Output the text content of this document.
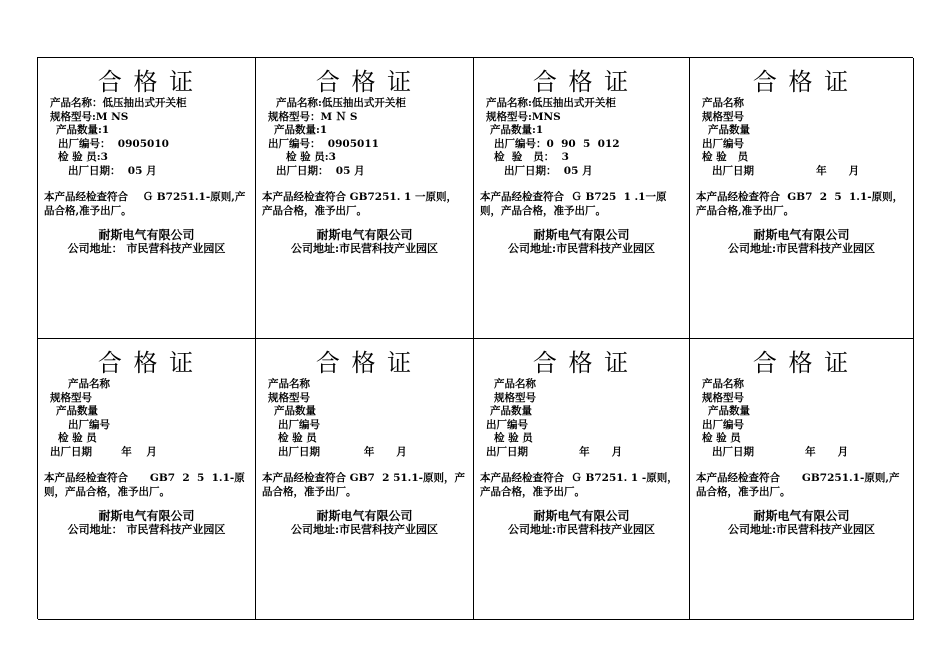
合 格 证
产品名称：低压抽出式开关柜
规格型号:M NS
产品数量:1
出厂编号：  0905010
检 验 员:3
出厂日期：  05 月
本产品经检查符合    Ｇ B7251.1-原则,产品合格,准予出厂。
耐斯电气有限公司
公司地址： 市民营科技产业园区
合 格 证
产品名称:低压抽出式开关柜
规格型号：M Ｎ S
产品数量:1
出厂编号：  0905011
检 验 员:3
出厂日期：  05 月
本产品经检查符合 GB7251. 1 一原则，产品合格，准予出厂。
耐斯电气有限公司
公司地址:市民营科技产业园区
合 格 证
产品名称:低压抽出式开关柜
规格型号:MNS
产品数量:1
出厂编号：0  90  5  012
检  验   员：  3
出厂日期：  05 月
本产品经检查符合  Ｇ B725  1 .1一原则，产品合格，准予出厂。
耐斯电气有限公司
公司地址:市民营科技产业园区
合 格 证
产品名称
规格型号
产品数量
出厂编号
检 验   员
出厂日期                 年      月
本产品经检查符合  GB7  2  5  1.1-原则，产品合格,准予出厂。
耐斯电气有限公司
公司地址:市民营科技产业园区
合 格 证
产品名称
规格型号
产品数量
出厂编号
检 验 员
出厂日期        年    月
本产品经检查符合      GB7  2  5  1.1-原则，产品合格，准予出厂。
耐斯电气有限公司
公司地址： 市民营科技产业园区
合 格 证
产品名称
规格型号
产品数量
出厂编号
检 验 员
出厂日期            年      月
本产品经检查符合 GB7  2 51.1-原则，产品合格，准予出厂。
耐斯电气有限公司
公司地址:市民营科技产业园区
合 格 证
产品名称
规格型号
产品数量
出厂编号
检 验 员
出厂日期              年      月
本产品经检查符合  Ｇ B7251. 1 -原则，产品合格，准予出厂。
耐斯电气有限公司
公司地址:市民营科技产业园区
合 格 证
产品名称
规格型号
产品数量
出厂编号
检 验 员
出厂日期              年      月
本产品经检查符合      GB7251.1-原则,产品合格，准予出厂。
耐斯电气有限公司
公司地址:市民营科技产业园区
